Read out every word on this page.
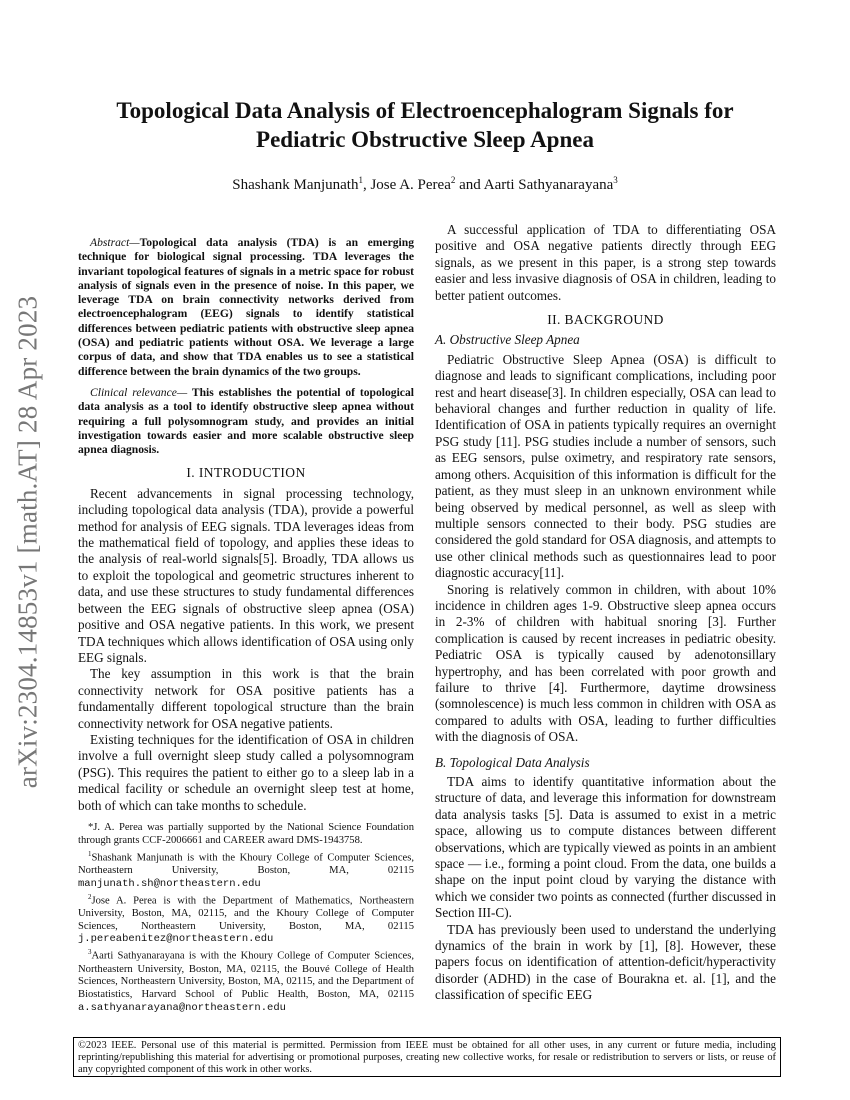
arXiv:2304.14853v1 [math.AT] 28 Apr 2023
Topological Data Analysis of Electroencephalogram Signals for
Pediatric Obstructive Sleep Apnea
Shashank Manjunath$^1$, Jose A. Perea$^2$ and Aarti Sathyanarayana$^3$

Abstract—Topological data analysis (TDA) is an emerging technique for biological signal processing. TDA leverages the invariant topological features of signals in a metric space for robust analysis of signals even in the presence of noise. In this paper, we leverage TDA on brain connectivity networks derived from electroencephalogram (EEG) signals to identify statistical differences between pediatric patients with obstructive sleep apnea (OSA) and pediatric patients without OSA. We leverage a large corpus of data, and show that TDA enables us to see a statistical difference between the brain dynamics of the two groups.

Clinical relevance— This establishes the potential of topological data analysis as a tool to identify obstructive sleep apnea without requiring a full polysomnogram study, and provides an initial investigation towards easier and more scalable obstructive sleep apnea diagnosis.

I. INTRODUCTION

Recent advancements in signal processing technology, including topological data analysis (TDA), provide a powerful method for analysis of EEG signals. TDA leverages ideas from the mathematical field of topology, and applies these ideas to the analysis of real-world signals[5]. Broadly, TDA allows us to exploit the topological and geometric structures inherent to data, and use these structures to study fundamental differences between the EEG signals of obstructive sleep apnea (OSA) positive and OSA negative patients. In this work, we present TDA techniques which allows identification of OSA using only EEG signals.

The key assumption in this work is that the brain connectivity network for OSA positive patients has a fundamentally different topological structure than the brain connectivity network for OSA negative patients.

Existing techniques for the identification of OSA in children involve a full overnight sleep study called a polysomnogram (PSG). This requires the patient to either go to a sleep lab in a medical facility or schedule an overnight sleep test at home, both of which can take months to schedule.

*J. A. Perea was partially supported by the National Science Foundation through grants CCF-2006661 and CAREER award DMS-1943758.

$^1$Shashank Manjunath is with the Khoury College of Computer Sciences, Northeastern University, Boston, MA, 02115 manjunath.sh@northeastern.edu

$^2$Jose A. Perea is with the Department of Mathematics, Northeastern University, Boston, MA, 02115, and the Khoury College of Computer Sciences, Northeastern University, Boston, MA, 02115 j.pereabenitez@northeastern.edu

$^3$Aarti Sathyanarayana is with the Khoury College of Computer Sciences, Northeastern University, Boston, MA, 02115, the Bouvé College of Health Sciences, Northeastern University, Boston, MA, 02115, and the Department of Biostatistics, Harvard School of Public Health, Boston, MA, 02115 a.sathyanarayana@northeastern.edu

A successful application of TDA to differentiating OSA positive and OSA negative patients directly through EEG signals, as we present in this paper, is a strong step towards easier and less invasive diagnosis of OSA in children, leading to better patient outcomes.

II. BACKGROUND
A. Obstructive Sleep Apnea

Pediatric Obstructive Sleep Apnea (OSA) is difficult to diagnose and leads to significant complications, including poor rest and heart disease[3]. In children especially, OSA can lead to behavioral changes and further reduction in quality of life. Identification of OSA in patients typically requires an overnight PSG study [11]. PSG studies include a number of sensors, such as EEG sensors, pulse oximetry, and respiratory rate sensors, among others. Acquisition of this information is difficult for the patient, as they must sleep in an unknown environment while being observed by medical personnel, as well as sleep with multiple sensors connected to their body. PSG studies are considered the gold standard for OSA diagnosis, and attempts to use other clinical methods such as questionnaires lead to poor diagnostic accuracy[11].

Snoring is relatively common in children, with about 10% incidence in children ages 1-9. Obstructive sleep apnea occurs in 2-3% of children with habitual snoring [3]. Further complication is caused by recent increases in pediatric obesity. Pediatric OSA is typically caused by adenotonsillary hypertrophy, and has been correlated with poor growth and failure to thrive [4]. Furthermore, daytime drowsiness (somnolescence) is much less common in children with OSA as compared to adults with OSA, leading to further difficulties with the diagnosis of OSA.

B. Topological Data Analysis

TDA aims to identify quantitative information about the structure of data, and leverage this information for downstream data analysis tasks [5]. Data is assumed to exist in a metric space, allowing us to compute distances between different observations, which are typically viewed as points in an ambient space — i.e., forming a point cloud. From the data, one builds a shape on the input point cloud by varying the distance with which we consider two points as connected (further discussed in Section III-C).

TDA has previously been used to understand the underlying dynamics of the brain in work by [1], [8]. However, these papers focus on identification of attention-deficit/hyperactivity disorder (ADHD) in the case of Bourakna et. al. [1], and the classification of specific EEG

©2023 IEEE. Personal use of this material is permitted. Permission from IEEE must be obtained for all other uses, in any current or future media, including reprinting/republishing this material for advertising or promotional purposes, creating new collective works, for resale or redistribution to servers or lists, or reuse of any copyrighted component of this work in other works.
